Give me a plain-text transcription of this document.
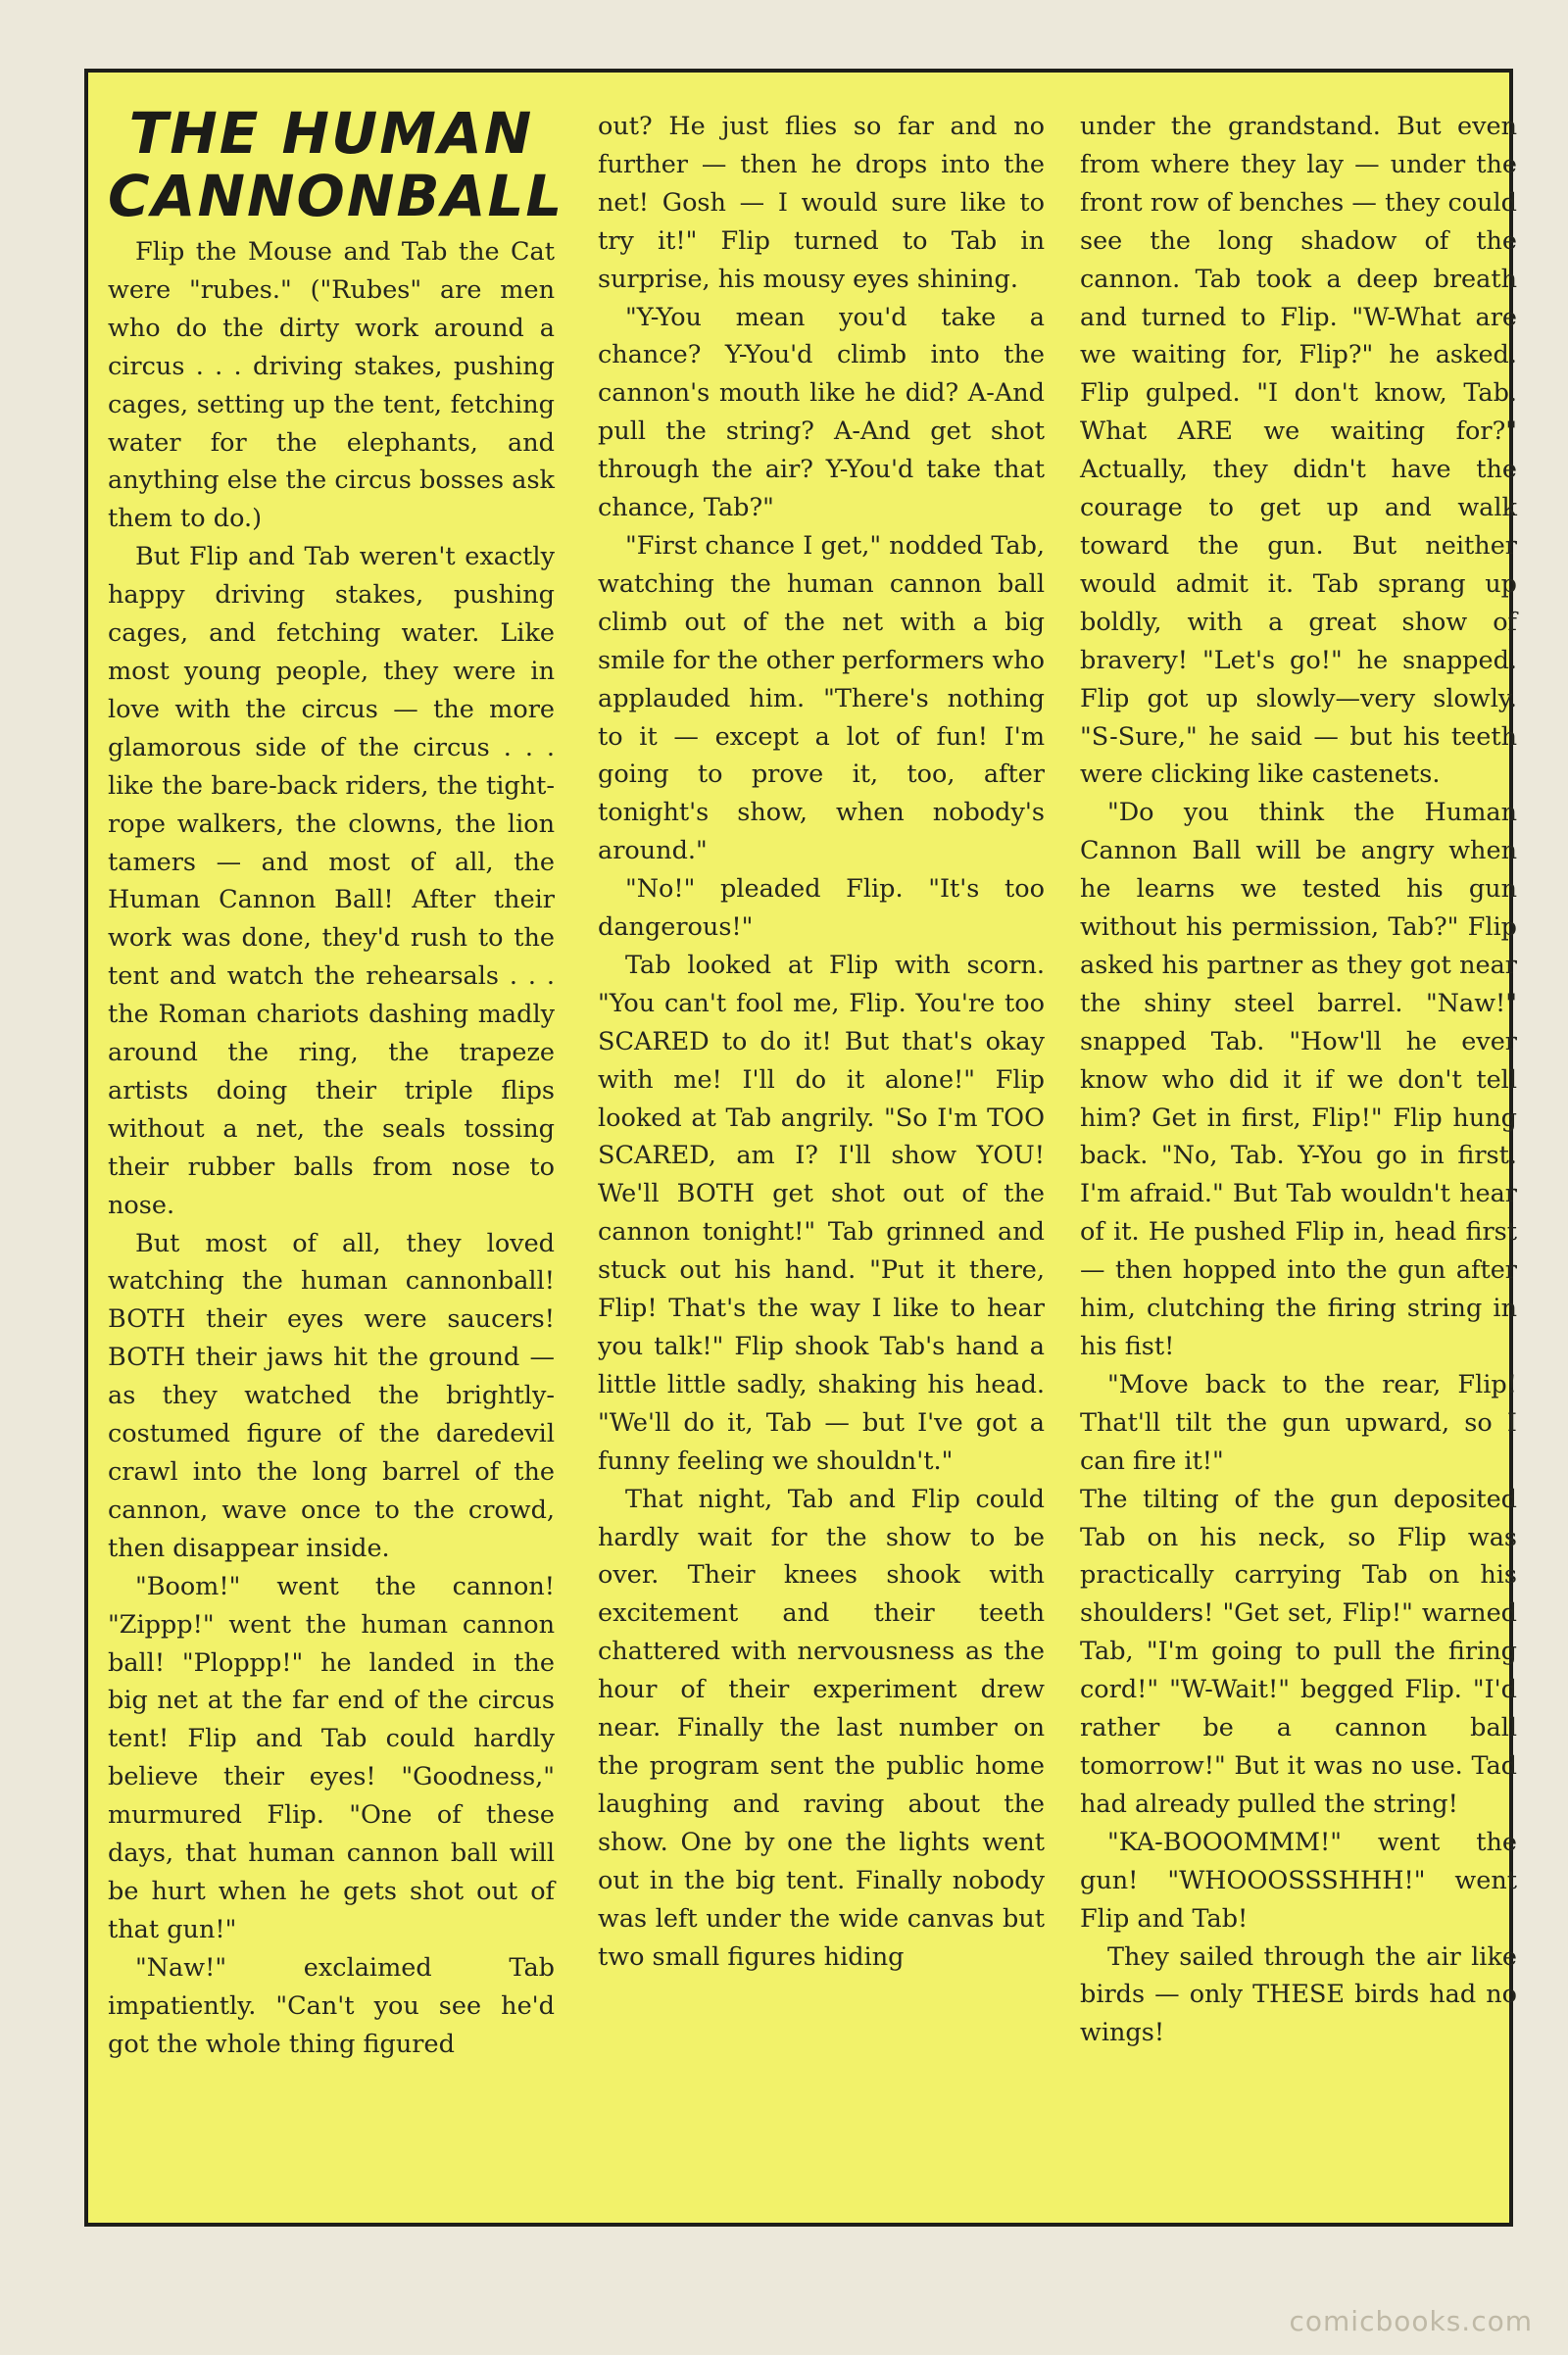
THE HUMAN
CANNONBALL

Flip the Mouse and Tab the Cat were "rubes." ("Rubes" are men who do the dirty work around a circus . . . driving stakes, pushing cages, setting up the tent, fetching water for the elephants, and anything else the circus bosses ask them to do.)

But Flip and Tab weren't exactly happy driving stakes, pushing cages, and fetching water. Like most young people, they were in love with the circus — the more glamorous side of the circus . . . like the bare-back riders, the tight-rope walkers, the clowns, the lion tamers — and most of all, the Human Cannon Ball! After their work was done, they'd rush to the tent and watch the rehearsals . . . the Roman chariots dashing madly around the ring, the trapeze artists doing their triple flips without a net, the seals tossing their rubber balls from nose to nose.

But most of all, they loved watching the human cannonball! BOTH their eyes were saucers! BOTH their jaws hit the ground — as they watched the brightly-costumed figure of the daredevil crawl into the long barrel of the cannon, wave once to the crowd, then disappear inside.

"Boom!" went the cannon! "Zippp!" went the human cannon ball! "Ploppp!" he landed in the big net at the far end of the circus tent! Flip and Tab could hardly believe their eyes! "Goodness," murmured Flip. "One of these days, that human cannon ball will be hurt when he gets shot out of that gun!"

"Naw!" exclaimed Tab impatiently. "Can't you see he'd got the whole thing figured

out? He just flies so far and no further — then he drops into the net! Gosh — I would sure like to try it!" Flip turned to Tab in surprise, his mousy eyes shining.

"Y-You mean you'd take a chance? Y-You'd climb into the cannon's mouth like he did? A-And pull the string? A-And get shot through the air? Y-You'd take that chance, Tab?"

"First chance I get," nodded Tab, watching the human cannon ball climb out of the net with a big smile for the other performers who applauded him. "There's nothing to it — except a lot of fun! I'm going to prove it, too, after tonight's show, when nobody's around."

"No!" pleaded Flip. "It's too dangerous!"

Tab looked at Flip with scorn. "You can't fool me, Flip. You're too SCARED to do it! But that's okay with me! I'll do it alone!" Flip looked at Tab angrily. "So I'm TOO SCARED, am I? I'll show YOU! We'll BOTH get shot out of the cannon tonight!" Tab grinned and stuck out his hand. "Put it there, Flip! That's the way I like to hear you talk!" Flip shook Tab's hand a little little sadly, shaking his head. "We'll do it, Tab — but I've got a funny feeling we shouldn't."

That night, Tab and Flip could hardly wait for the show to be over. Their knees shook with excitement and their teeth chattered with nervousness as the hour of their experiment drew near. Finally the last number on the program sent the public home laughing and raving about the show. One by one the lights went out in the big tent. Finally nobody was left under the wide canvas but two small figures hiding

under the grandstand. But even from where they lay — under the front row of benches — they could see the long shadow of the cannon. Tab took a deep breath and turned to Flip. "W-What are we waiting for, Flip?" he asked. Flip gulped. "I don't know, Tab. What ARE we waiting for?" Actually, they didn't have the courage to get up and walk toward the gun. But neither would admit it. Tab sprang up boldly, with a great show of bravery! "Let's go!" he snapped. Flip got up slowly—very slowly. "S-Sure," he said — but his teeth were clicking like castenets.

"Do you think the Human Cannon Ball will be angry when he learns we tested his gun without his permission, Tab?" Flip asked his partner as they got near the shiny steel barrel. "Naw!" snapped Tab. "How'll he ever know who did it if we don't tell him? Get in first, Flip!" Flip hung back. "No, Tab. Y-You go in first. I'm afraid." But Tab wouldn't hear of it. He pushed Flip in, head first — then hopped into the gun after him, clutching the firing string in his fist!

"Move back to the rear, Flip! That'll tilt the gun upward, so I can fire it!"

The tilting of the gun deposited Tab on his neck, so Flip was practically carrying Tab on his shoulders! "Get set, Flip!" warned Tab, "I'm going to pull the firing cord!" "W-Wait!" begged Flip. "I'd rather be a cannon ball tomorrow!" But it was no use. Tad had already pulled the string!

"KA-BOOOMMM!" went the gun! "WHOOOSSSHHH!" went Flip and Tab!

They sailed through the air like birds — only THESE birds had no wings!

comicbooks.com
